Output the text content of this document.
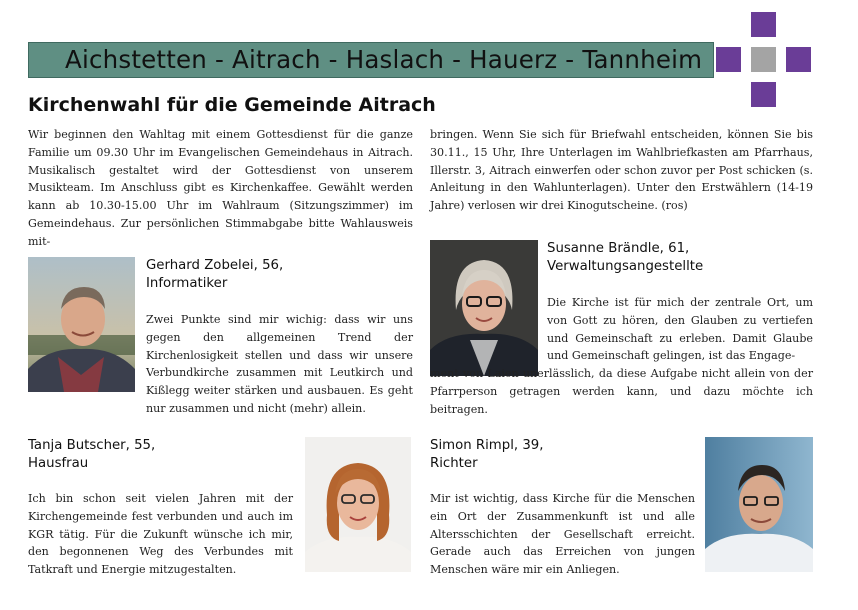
Aichstetten - Aitrach - Haslach - Hauerz - Tannheim
Kirchenwahl für die Gemeinde Aitrach

Wir beginnen den Wahltag mit einem Gottesdienst für die ganze Familie um 09.30 Uhr im Evangelischen Gemeindehaus in Aitrach. Musikalisch gestaltet wird der Gottesdienst von unserem Musikteam. Im Anschluss gibt es Kirchenkaffee. Gewählt werden kann ab 10.30-15.00 Uhr im Wahlraum (Sitzungszimmer) im Gemeindehaus. Zur persönlichen Stimmabgabe bitte Wahlausweis mit-

bringen. Wenn Sie sich für Briefwahl entscheiden, können Sie bis 30.11., 15 Uhr, Ihre Unterlagen im Wahlbriefkasten am Pfarrhaus, Illerstr. 3, Aitrach einwerfen oder schon zuvor per Post schicken (s. Anleitung in den Wahlunterlagen). Unter den Erstwählern (14-19 Jahre) verlosen wir drei Kinogutscheine. (ros)

Gerhard Zobelei, 56,
Informatiker

Zwei Punkte sind mir wichig: dass wir uns gegen den allgemeinen Trend der Kirchenlosigkeit stellen und dass wir unsere Verbundkirche zusammen mit Leutkirch und Kißlegg weiter stärken und ausbauen. Es geht nur zusammen und nicht (mehr) allein.

Susanne Brändle, 61,
Verwaltungsangestellte

Die Kirche ist für mich der zentrale Ort, um von Gott zu hören, den Glauben zu vertiefen und Gemeinschaft zu erleben. Damit Glaube und Gemeinschaft gelingen, ist das Engage-

ment von Laien unerlässlich, da diese Aufgabe nicht allein von der Pfarrperson getragen werden kann, und dazu möchte ich beitragen.

Tanja Butscher, 55,
Hausfrau

Ich bin schon seit vielen Jahren mit der Kirchengemeinde fest verbunden und auch im KGR tätig. Für die Zukunft wünsche ich mir, den begonnenen Weg des Verbundes mit Tatkraft und Energie mitzugestalten.

Simon Rimpl, 39,
Richter

Mir ist wichtig, dass Kirche für die Menschen ein Ort der Zusammenkunft ist und alle Altersschichten der Gesellschaft erreicht. Gerade auch das Erreichen von jungen Menschen wäre mir ein Anliegen.
